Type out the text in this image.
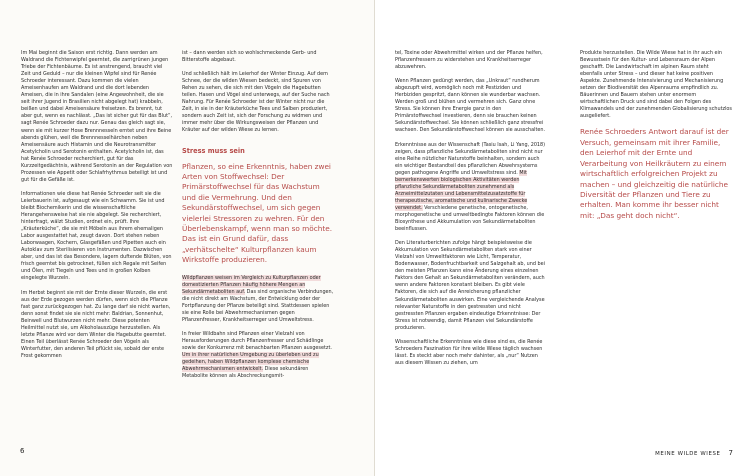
Im Mai beginnt die Saison erst richtig. Dann werden am Waldrand die Fichtenwipfel geerntet, die zarrigrünen jungen Triebe der Fichtenbäume. Es ist anstrengend, braucht viel Zeit und Geduld – nur die kleinen Wipfel sind für Renée Schroeder interessant. Dazu kommen die vielen Ameisenhaufen am Waldrand und die dort lebenden Ameisen, die in ihre Sandalen (eine Angewohnheit, die sie seit ihrer Jugend in Brasilien nicht abgelegt hat) krabbeln, beißen und dabei Ameisensäure freisetzen. Es brennt, tut aber gut, wenn es nachlässt. „Das ist sicher gut für das Blut“, sagt Renée Schroeder dazu nur. Genau das gleich sagt sie, wenn sie mit kurzer Hose Brennnesseln erntet und ihre Beine abends glühen, weil die Brennnesselhärchen neben Ameisensäure auch Histamin und die Neurotransmitter Acetylcholin und Serotonin enthalten. Acetylcholin ist, das hat Renée Schroeder recherchiert, gut für das Kurzzeitgedächtnis, während Serotonin an der Regulation von Prozessen wie Appetit oder Schlafrhythmus beteiligt ist und gut für die Gefäße ist.

Informationen wie diese hat Renée Schroeder seit sie die Leierbauerin ist, aufgesaugt wie ein Schwamm. Sie ist und bleibt Biochemikerin und die wissenschaftliche Herangehensweise hat sie nie abgelegt. Sie recherchiert, hinterfragt, wälzt Studien, ordnet ein, prüft. Ihre „Kräuterküche“, die sie mit Möbeln aus ihrem ehemaligen Labor ausgestattet hat, zeugt davon. Dort stehen neben Laborwaagen, Kochern, Glasgefäßen und Pipetten auch ein Autoklav zum Sterilisieren von Instrumenten. Dazwischen aber, und das ist das Besondere, lagern duftende Blüten, von frisch geerntet bis getrocknet, füllen sich Regale mit Seifen und Ölen, mit Tiegeln und Tees und in großen Kolben eingelegte Wurzeln.

Im Herbst beginnt sie mit der Ernte dieser Wurzeln, die erst aus der Erde gezogen werden dürfen, wenn sich die Pflanze fast ganz zurückgezogen hat. Zu lange darf sie nicht warten, denn sonst findet sie sie nicht mehr: Baldrian, Sonnenhut, Beinwell und Blutwurzen nicht mehr. Diese potenten Heilmittel nutzt sie, um Alkoholauszüge herzustellen. Als letzte Pflanze wird vor dem Winter die Hagebutte geerntet. Einen Teil überlässt Renée Schroeder den Vögeln als Winterfutter, den anderen Teil pflückt sie, sobald der erste Frost gekommen

ist – dann werden sich so wohlschmeckende Gerb- und Bitterstoffe abgebaut.

Und schließlich hält im Leierhof der Winter Einzug. Auf dem Schnee, der die wilden Wiesen bedeckt, sind Spuren von Rehen zu sehen, die sich mit den Vögeln die Hagebutten teilen. Hasen und Vögel sind unterwegs, auf der Suche nach Nahrung. Für Renée Schroeder ist der Winter nicht nur die Zeit, in sie in der Kräuterküche Tees und Salben produziert, sondern auch Zeit ist, sich der Forschung zu widmen und immer mehr über die Wirkungsweisen der Pflanzen und Kräuter auf der wilden Wiese zu lernen.

Stress muss sein

Pflanzen, so eine Erkenntnis, haben zwei Arten von Stoffwechsel: Der Primärstoffwechsel für das Wachstum und die Vermehrung. Und den Sekundärstoffwechsel, um sich gegen vielerlei Stressoren zu wehren. Für den Überlebenskampf, wenn man so möchte. Das ist ein Grund dafür, dass „verhätschelte“ Kulturpflanzen kaum Wirkstoffe produzieren.

Wildpflanzen weisen im Vergleich zu Kulturpflanzen oder domestizierten Pflanzen häufig höhere Mengen an Sekundärmetaboliten auf. Das sind organische Verbindungen, die nicht direkt am Wachstum, der Entwicklung oder der Fortpflanzung der Pflanze beteiligt sind. Stattdessen spielen sie eine Rolle bei Abwehrmechanismen gegen Pflanzenfresser, Krankheitserreger und Umweltstress.

In freier Wildbahn sind Pflanzen einer Vielzahl von Herausforderungen durch Pflanzenfresser und Schädlinge sowie der Konkurrenz mit benachbarten Pflanzen ausgesetzt. Um in ihrer natürlichen Umgebung zu überleben und zu gedeihen, haben Wildpflanzen komplexe chemische Abwehrmechanismen entwickelt. Diese sekundären Metabolite können als Abschreckungsmit-

6

tel, Toxine oder Abwehrmittel wirken und der Pflanze helfen, Pflanzenfressern zu widerstehen und Krankheitserreger abzuwehren.

Wenn Pflanzen gedüngt werden, das „Unkraut“ rundherum abgezupft wird, womöglich noch mit Pestiziden und Herbiziden gespritzt, dann können sie wunderbar wachsen. Werden groß und blühen und vermehren sich. Ganz ohne Stress. Sie können ihre Energie ganz in den Primärstoffwechsel investieren, denn sie brauchen keinen Sekundärstoffwechsel. Sie können schließlich ganz stressfrei wachsen. Den Sekundärstoffwechsel können sie ausschalten.

Erkenntnisse aus der Wissenschaft (Tasiu Isah, Li Yang, 2018) zeigen, dass pflanzliche Sekundärmetaboliten sind nicht nur eine Reihe nützlicher Naturstoffe beinhalten, sondern auch ein wichtiger Bestandteil des pflanzlichen Abwehrsystems gegen pathogene Angriffe und Umweltstress sind. Mit bemerkenswerten biologischen Aktivitäten werden pflanzliche Sekundärmetaboliten zunehmend als Arzneimittelzutaten und Lebensmittelzusatzstoffe für therapeutische, aromatische und kulinarische Zwecke verwendet. Verschiedene genetische, ontogenetische, morphogenetische und umweltbedingte Faktoren können die Biosynthese und Akkumulation von Sekundärmetaboliten beeinflussen.

Den Literaturberichten zufolge hängt beispielsweise die Akkumulation von Sekundärmetaboliten stark von einer Vielzahl von Umweltfaktoren wie Licht, Temperatur, Bodenwasser, Bodenfruchtbarkeit und Salzgehalt ab, und bei den meisten Pflanzen kann eine Änderung eines einzelnen Faktors den Gehalt an Sekundärmetaboliten verändern, auch wenn andere Faktoren konstant bleiben. Es gibt viele Faktoren, die sich auf die Anreicherung pflanzlicher Sekundärmetaboliten auswirken. Eine vergleichende Analyse relevanter Naturstoffe in den gestressten und nicht gestressten Pflanzen ergaben eindeutige Erkenntnisse: Der Stress ist notwendig, damit Pflanzen viel Sekundärstoffe produzieren.

Wissenschaftliche Erkenntnisse wie diese sind es, die Renée Schroeders Faszination für ihre wilde Wiese täglich wachsen lässt. Es steckt aber noch mehr dahinter, als „nur“ Nutzen aus diesem Wissen zu ziehen, um

Produkte herzustellen. Die Wilde Wiese hat in ihr auch ein Bewusstsein für den Kultur- und Lebensraum der Alpen geschafft. Die Landwirtschaft im alpinen Raum steht ebenfalls unter Stress – und dieser hat keine positiven Aspekte. Zunehmende Intensivierung und Mechanisierung setzen der Biodiversität des Alpenraums empfindlich zu. Bäuerinnen und Bauern stehen unter enormem wirtschaftlichen Druck und sind dabei den Folgen des Klimawandels und der zunehmenden Globalisierung schutzlos ausgeliefert.

Renée Schroeders Antwort darauf ist der Versuch, gemeinsam mit ihrer Familie, den Leierhof mit der Ernte und Verarbeitung von Heilkräutern zu einem wirtschaftlich erfolgreichen Projekt zu machen – und gleichzeitig die natürliche Diversität der Pflanzen und Tiere zu erhalten. Man komme ihr besser nicht mit: „Das geht doch nicht“.

MEINE WILDE WIESE 7
